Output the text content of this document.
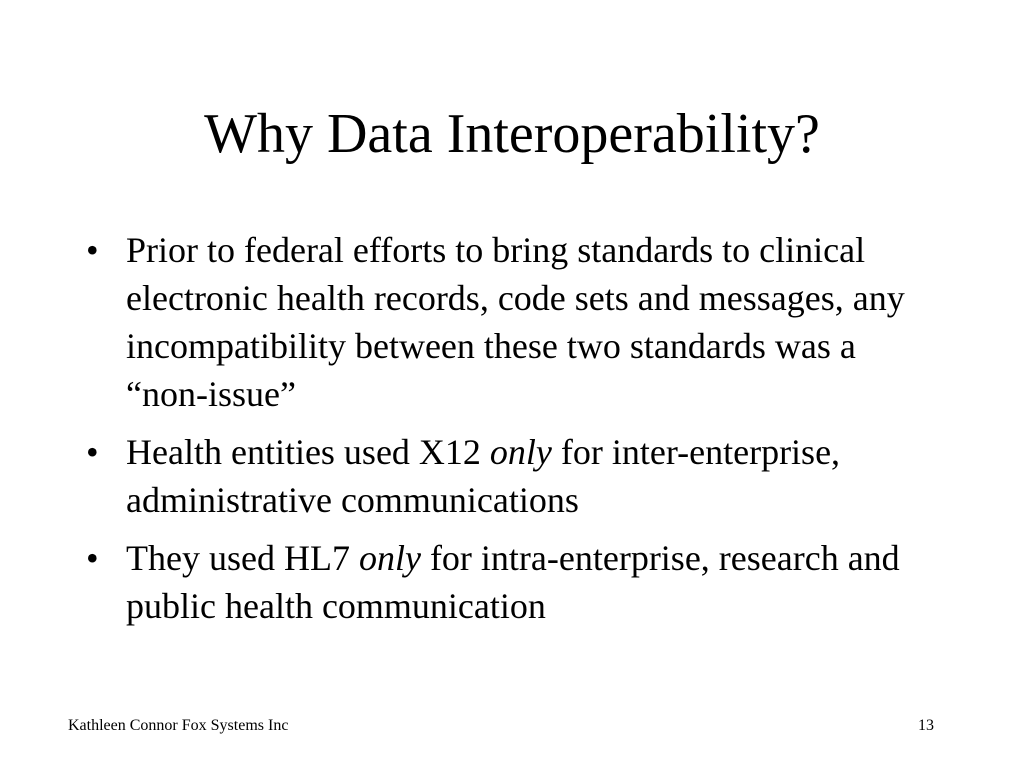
Why Data Interoperability?
• Prior to federal efforts to bring standards to clinical electronic health records, code sets and messages, any incompatibility between these two standards was a “non-issue”
• Health entities used X12 only for inter-enterprise, administrative communications
• They used HL7 only for intra-enterprise, research and public health communication
Kathleen Connor Fox Systems Inc	13
